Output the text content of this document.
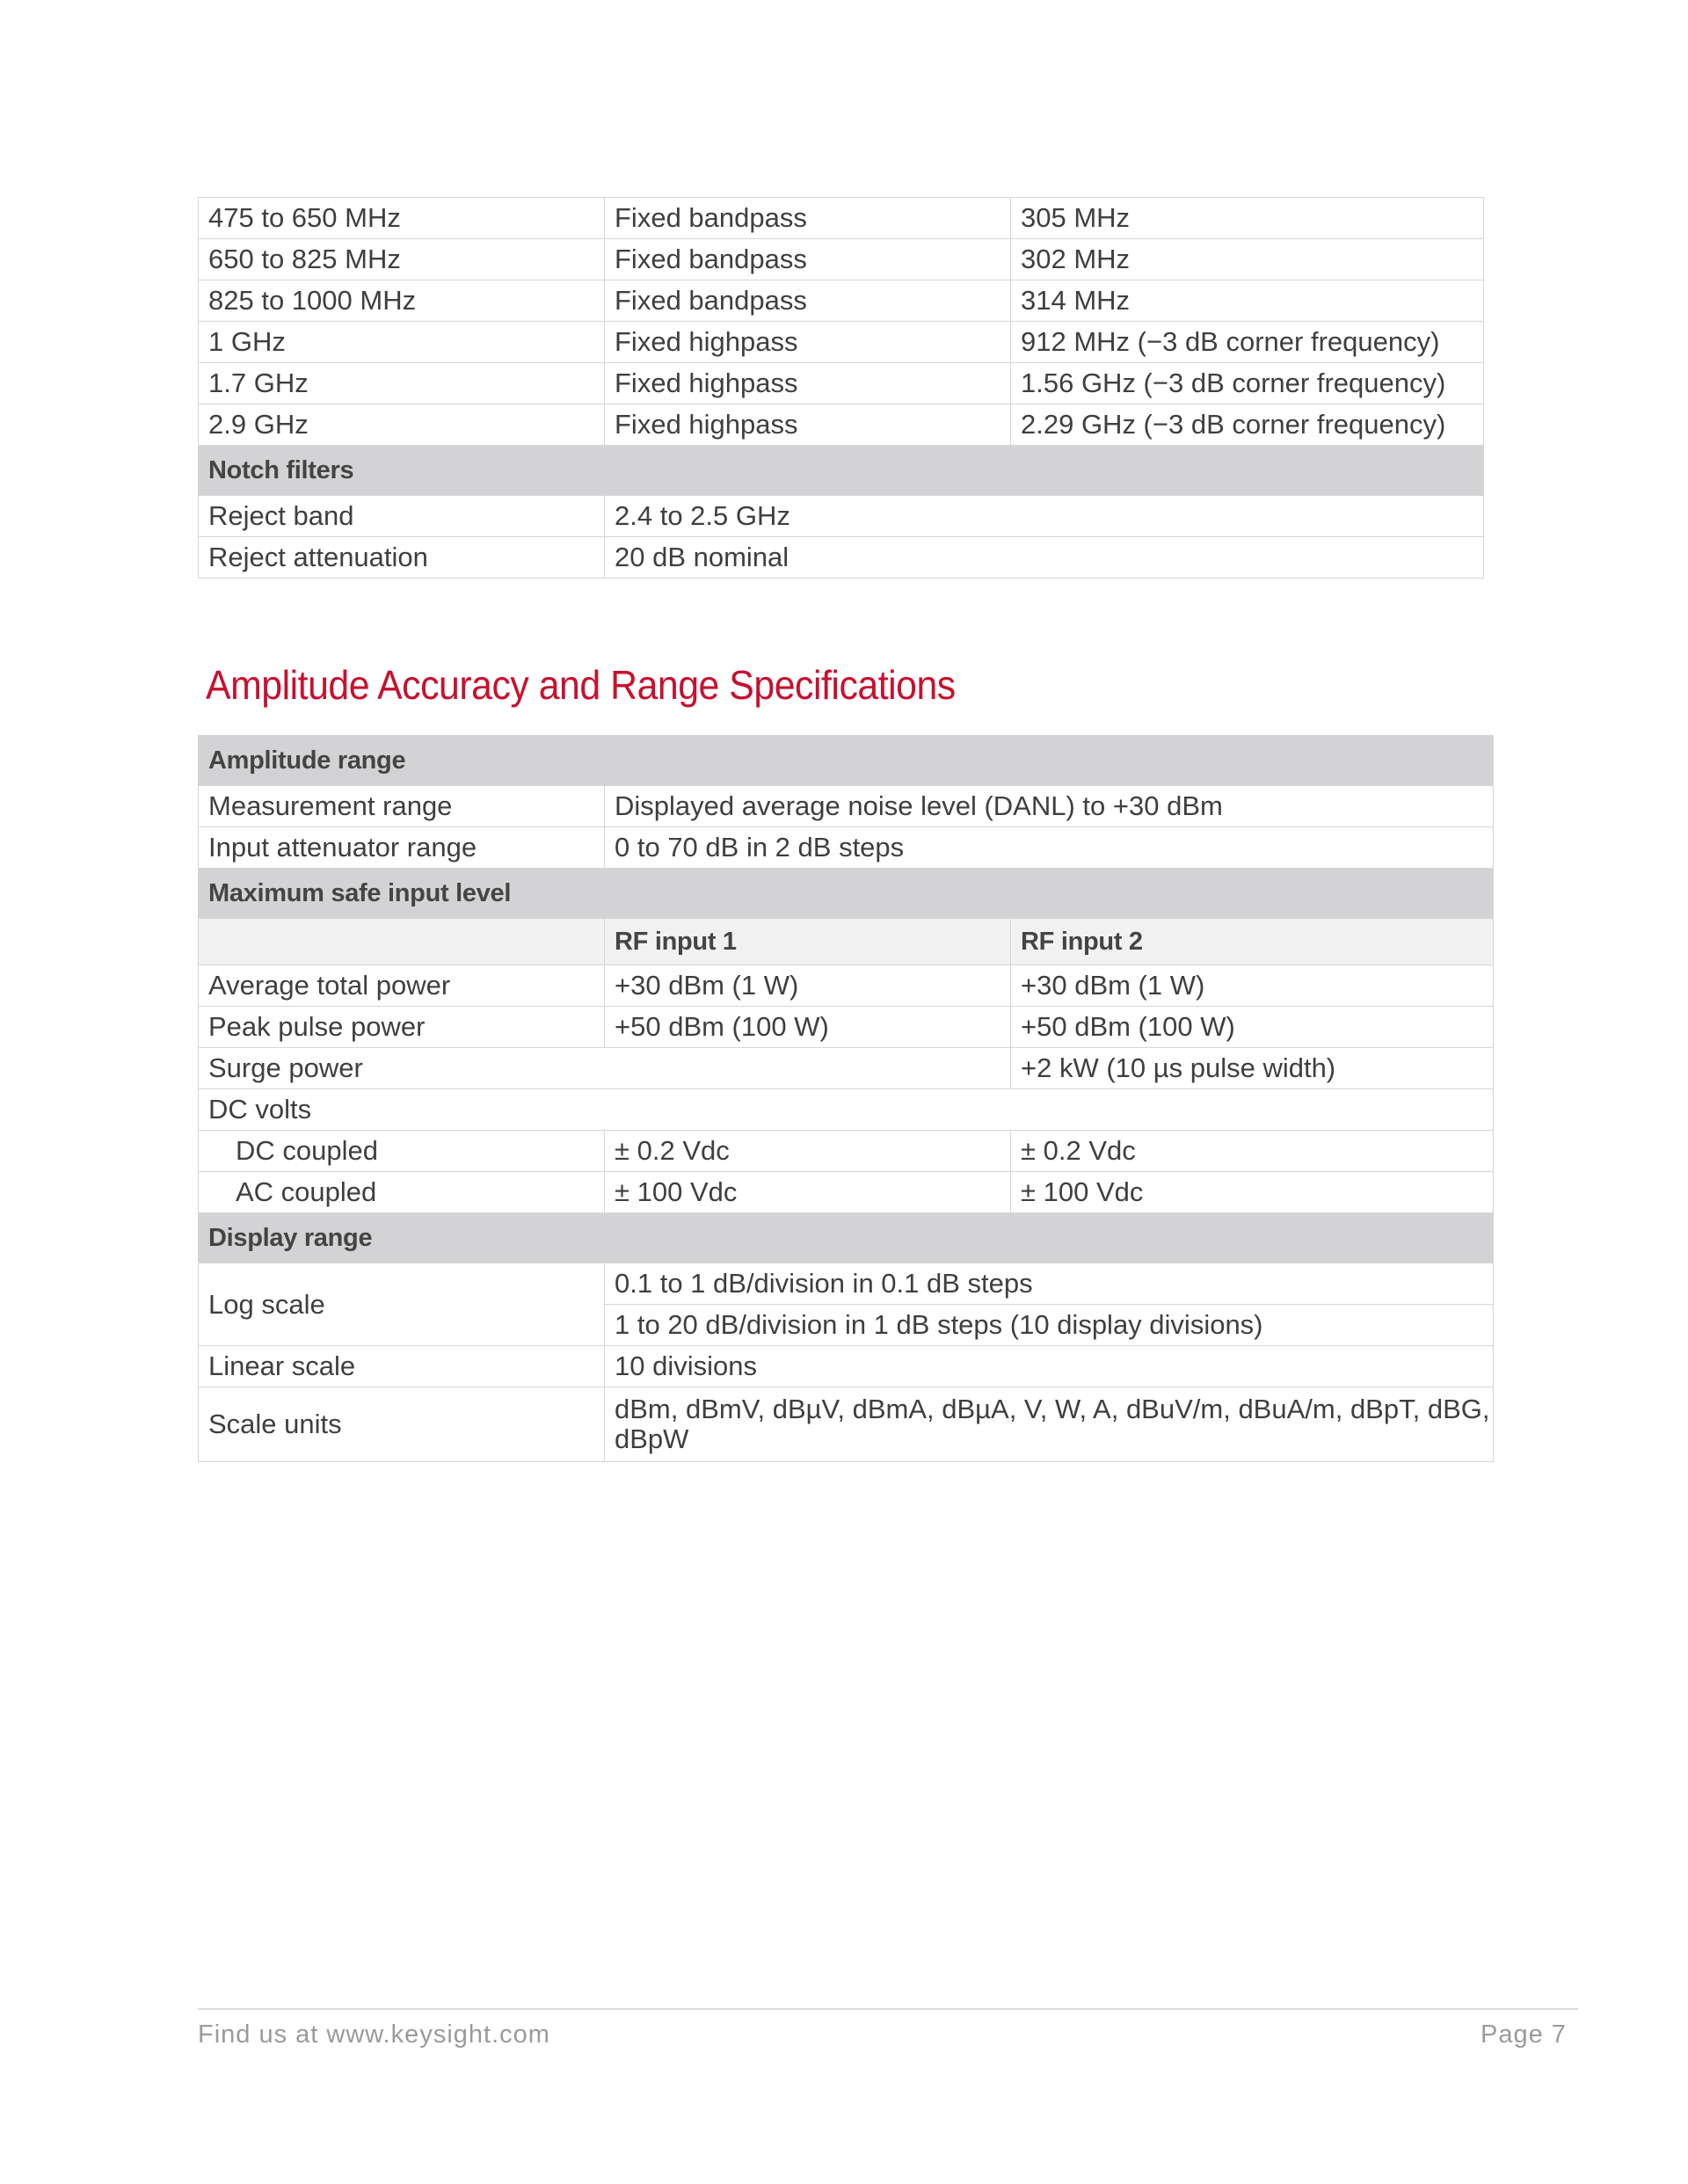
475 to 650 MHz	Fixed bandpass	305 MHz
650 to 825 MHz	Fixed bandpass	302 MHz
825 to 1000 MHz	Fixed bandpass	314 MHz
1 GHz	Fixed highpass	912 MHz (−3 dB corner frequency)
1.7 GHz	Fixed highpass	1.56 GHz (−3 dB corner frequency)
2.9 GHz	Fixed highpass	2.29 GHz (−3 dB corner frequency)
Notch filters		
Reject band	2.4 to 2.5 GHz	
Reject attenuation	20 dB nominal	
Amplitude Accuracy and Range Specifications
Amplitude range		
Measurement range	Displayed average noise level (DANL) to +30 dBm	
Input attenuator range	0 to 70 dB in 2 dB steps	
Maximum safe input level		
	RF input 1	RF input 2
Average total power	+30 dBm (1 W)	+30 dBm (1 W)
Peak pulse power	+50 dBm (100 W)	+50 dBm (100 W)
Surge power		+2 kW (10 µs pulse width)
DC volts		
DC coupled	± 0.2 Vdc	± 0.2 Vdc
AC coupled	± 100 Vdc	± 100 Vdc
Display range		
Log scale	0.1 to 1 dB/division in 0.1 dB steps	
	1 to 20 dB/division in 1 dB steps (10 display divisions)	
Linear scale	10 divisions	
Scale units	dBm, dBmV, dBµV, dBmA, dBµA, V, W, A, dBuV/m, dBuA/m, dBpT, dBG, dBpW	
Find us at www.keysight.com	Page 7
